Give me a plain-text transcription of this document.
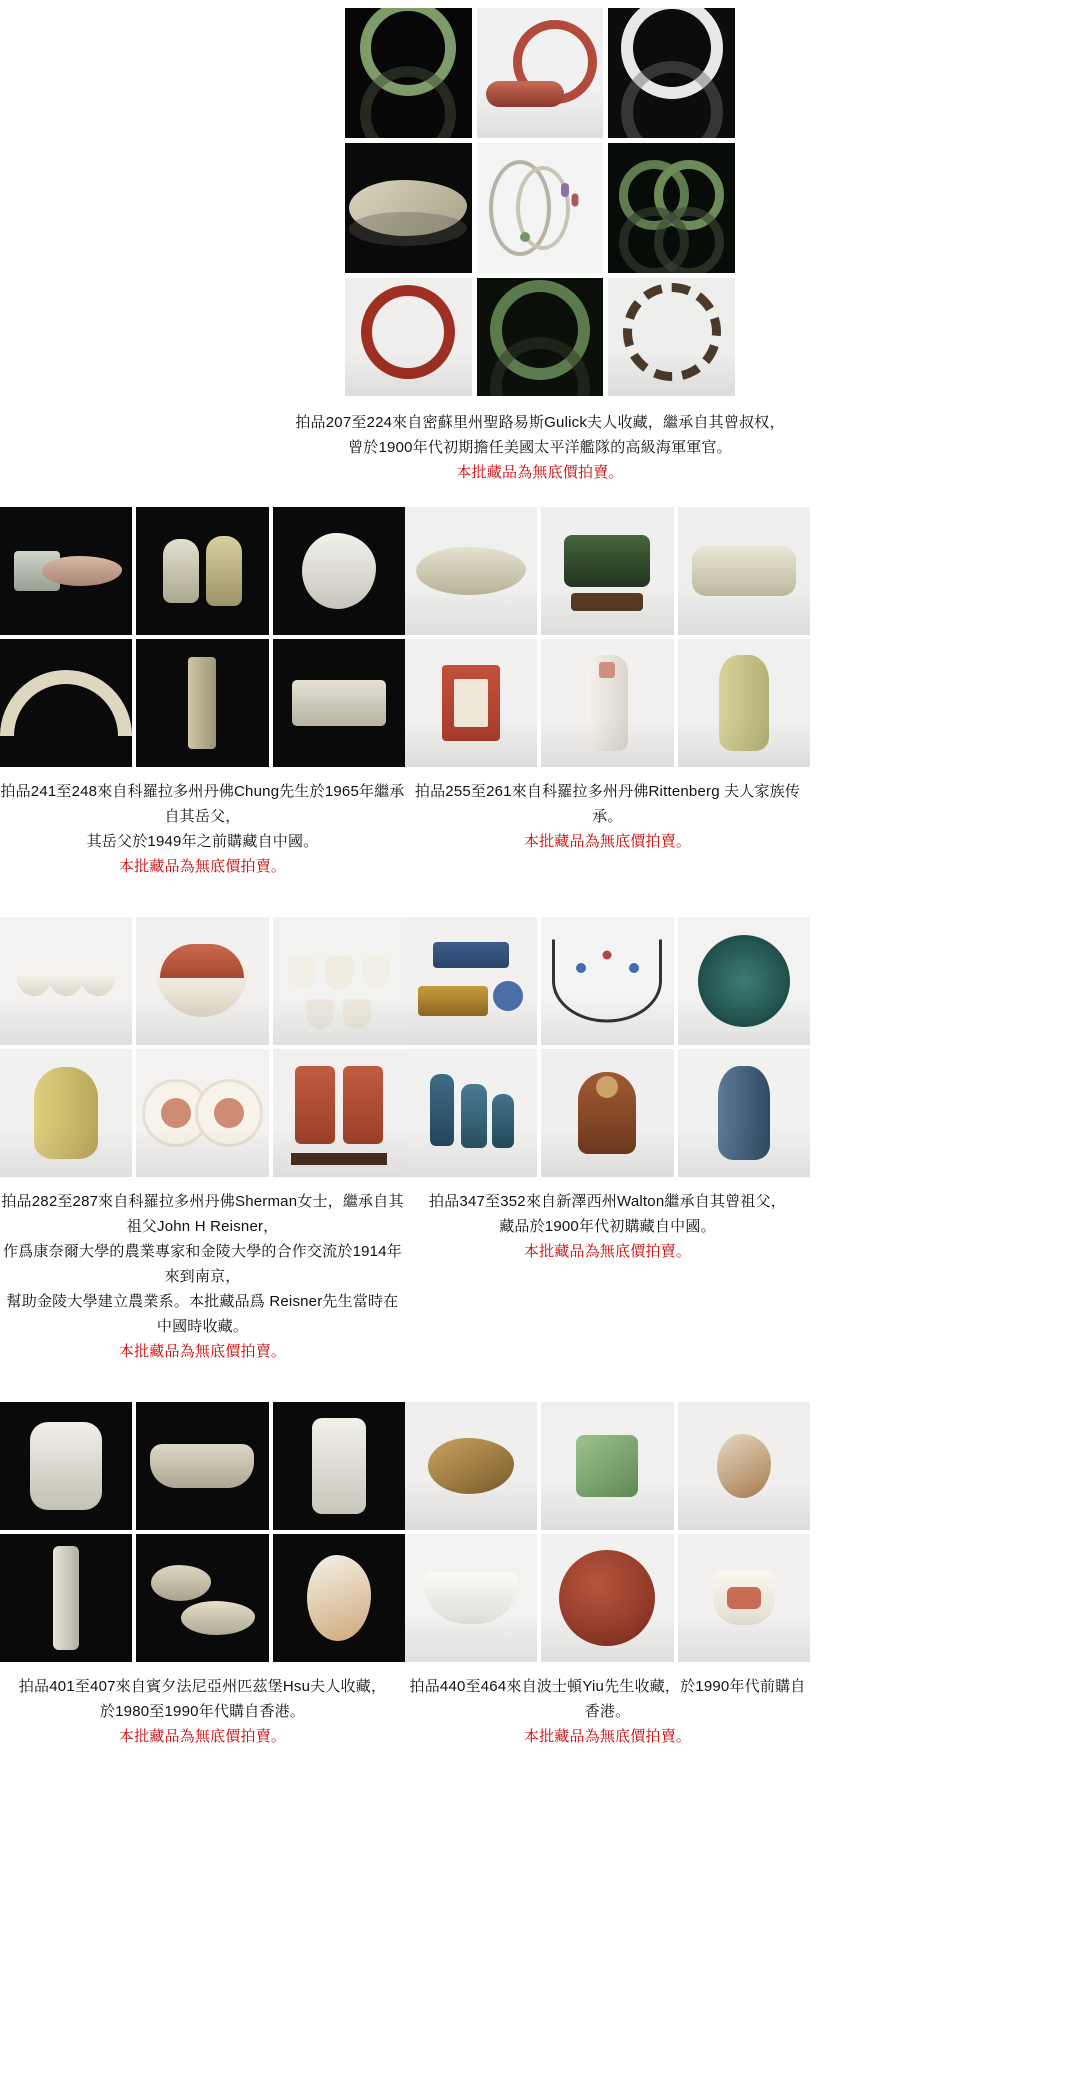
拍品207至224來自密蘇里州聖路易斯Gulick夫人收藏，繼承自其曾叔权，
曾於1900年代初期擔任美國太平洋艦隊的高級海軍軍官。
本批藏品為無底價拍賣。
拍品241至248來自科羅拉多州丹佛Chung先生於1965年繼承自其岳父，
其岳父於1949年之前購藏自中國。
本批藏品為無底價拍賣。
拍品255至261來自科羅拉多州丹佛Rittenberg 夫人家族传承。
本批藏品為無底價拍賣。
拍品282至287來自科羅拉多州丹佛Sherman女士，繼承自其祖父John H Reisner，
作爲康奈爾大學的農業專家和金陵大學的合作交流於1914年來到南京，
幫助金陵大學建立農業系。本批藏品爲 Reisner先生當時在中國時收藏。
本批藏品為無底價拍賣。
拍品347至352來自新澤西州Walton繼承自其曾祖父，
藏品於1900年代初購藏自中國。
本批藏品為無底價拍賣。
拍品401至407來自賓夕法尼亞州匹茲堡Hsu夫人收藏，
於1980至1990年代購自香港。
本批藏品為無底價拍賣。
拍品440至464來自波士頓Yiu先生收藏，於1990年代前購自香港。
本批藏品為無底價拍賣。
